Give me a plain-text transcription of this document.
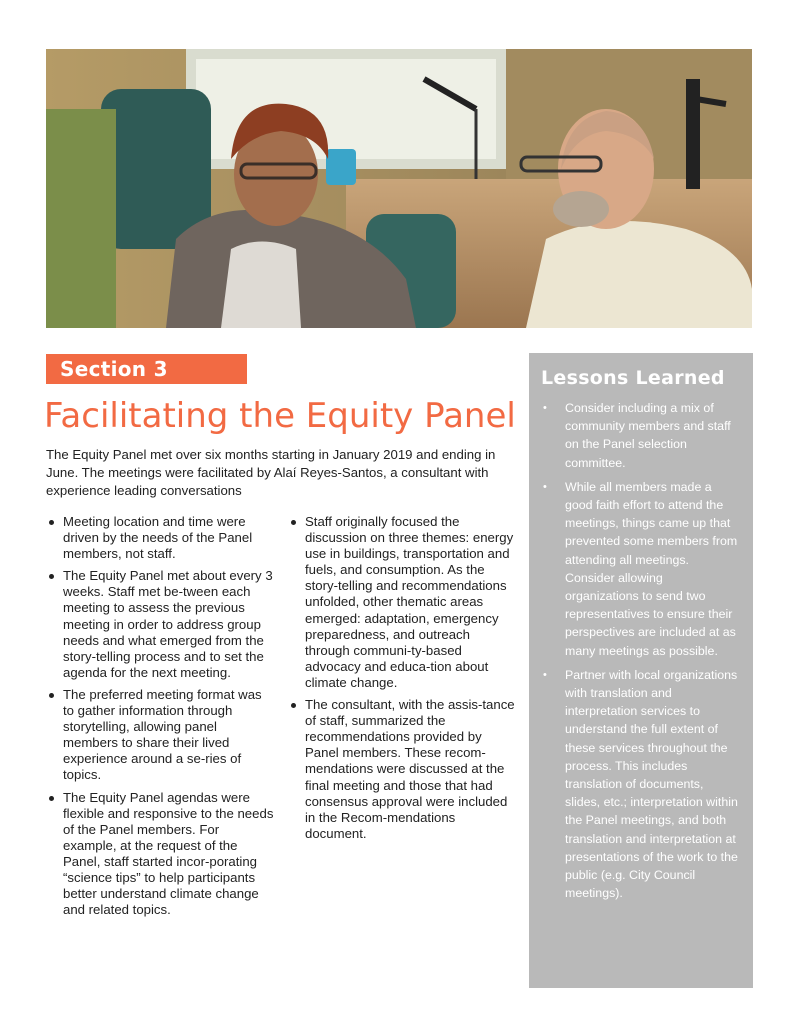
Section 3
Facilitating the Equity Panel

The Equity Panel met over six months starting in January 2019 and ending in June. The meetings were facilitated by Alaí Reyes-Santos, a consultant with experience leading conversations

Meeting location and time were driven by the needs of the Panel members, not staff.
The Equity Panel met about every 3 weeks. Staff met be-tween each meeting to assess the previous meeting in order to address group needs and what emerged from the story-telling process and to set the agenda for the next meeting.
The preferred meeting format was to gather information through storytelling, allowing panel members to share their lived experience around a se-ries of topics.
The Equity Panel agendas were flexible and responsive to the needs of the Panel members. For example, at the request of the Panel, staff started incor-porating “science tips” to help participants better understand climate change and related topics.
Staff originally focused the discussion on three themes: energy use in buildings, transportation and fuels, and consumption. As the story-telling and recommendations unfolded, other thematic areas emerged: adaptation, emergency preparedness, and outreach through communi-ty-based advocacy and educa-tion about climate change.
The consultant, with the assis-tance of staff, summarized the recommendations provided by Panel members. These recom-mendations were discussed at the final meeting and those that had consensus approval were included in the Recom-mendations document.
Lessons Learned
• Consider including a mix of community members and staff on the Panel selection committee.
• While all members made a good faith effort to attend the meetings, things came up that prevented some members from attending all meetings. Consider allowing organizations to send two representatives to ensure their perspectives are included at as many meetings as possible.
• Partner with local organizations with translation and interpretation services to understand the full extent of these services throughout the process. This includes translation of documents, slides, etc.; interpretation within the Panel meetings, and both translation and interpretation at presentations of the work to the public (e.g. City Council meetings).
